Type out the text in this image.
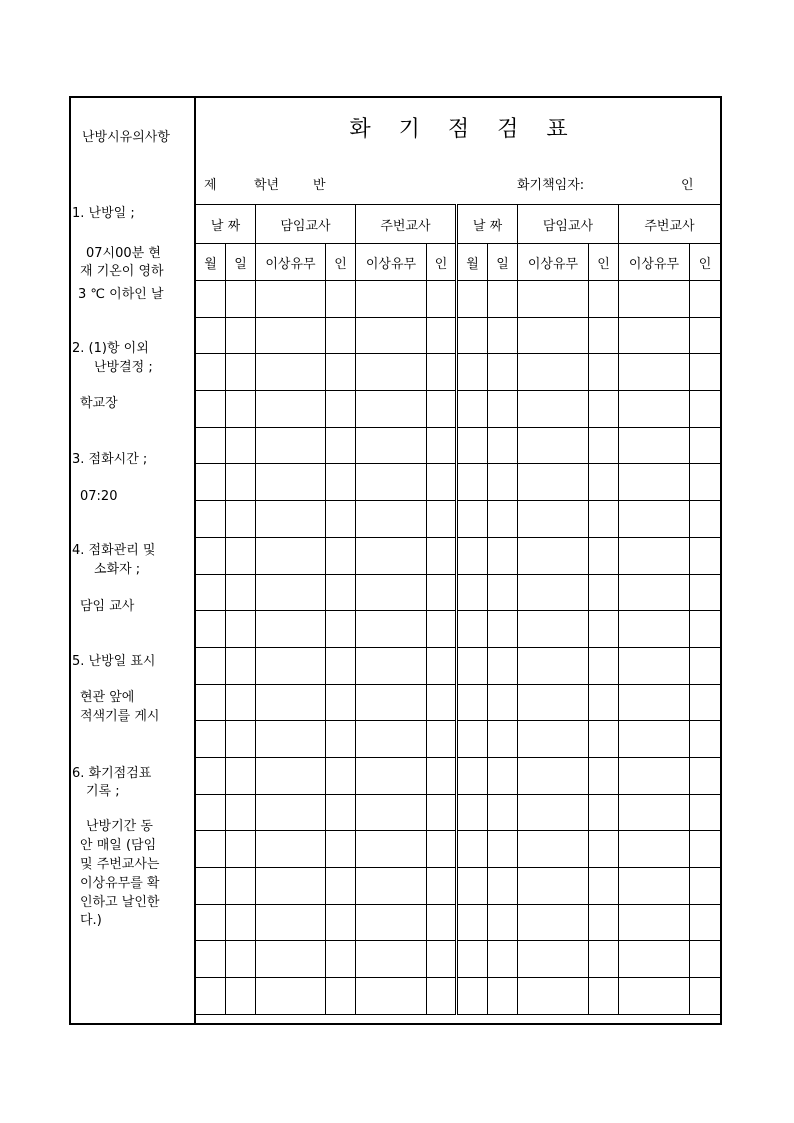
난방시유의사항
1. 난방일 ;
07시00분 현
재 기온이 영하
3 ℃ 이하인 날
2. (1)항 이외
난방결정 ;
학교장
3. 점화시간 ;
07:20
4. 점화관리 및
소화자 ;
담임 교사
5. 난방일 표시
현관 앞에
적색기를 게시
6. 화기점검표
기록 ;
난방기간 동
안 매일 (담임
및 주번교사는
이상유무를 확
인하고 날인한
다.)
화 기 점 검 표
제	학년	반	화기책임자:	인
날 짜		담임교사		주번교사		날 짜		담임교사		주번교사	
월	일	이상유무	인	이상유무	인	월	일	이상유무	인	이상유무	인
